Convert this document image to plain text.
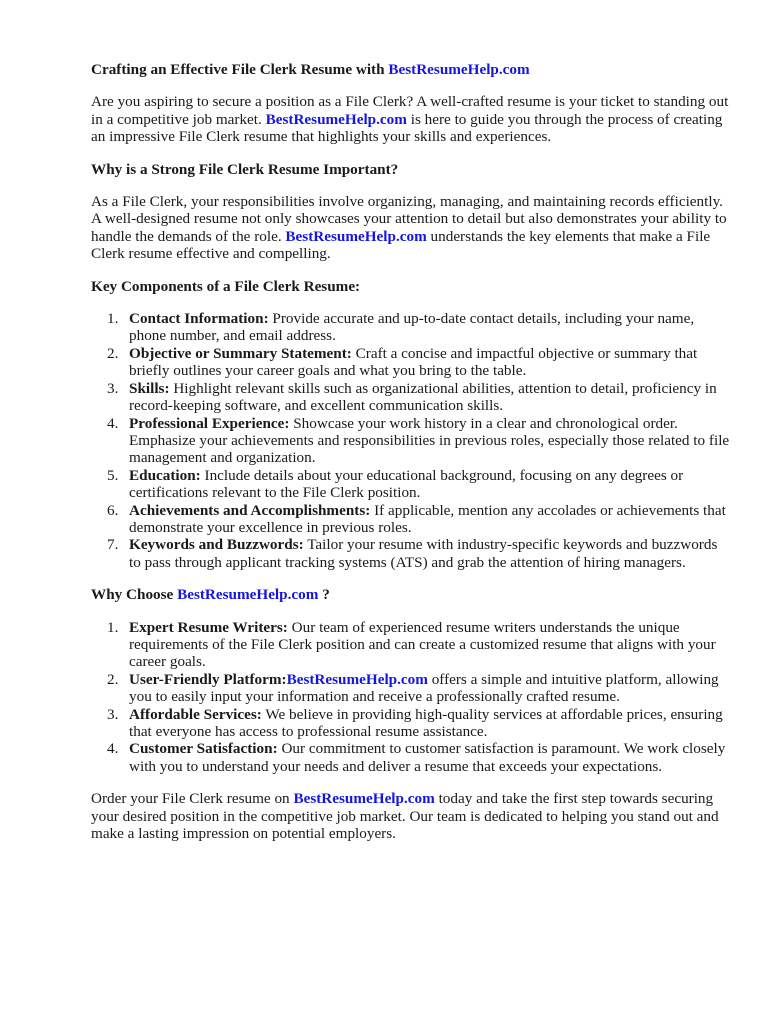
Crafting an Effective File Clerk Resume with BestResumeHelp.com

Are you aspiring to secure a position as a File Clerk? A well-crafted resume is your ticket to standing out in a competitive job market. BestResumeHelp.com is here to guide you through the process of creating an impressive File Clerk resume that highlights your skills and experiences.

Why is a Strong File Clerk Resume Important?

As a File Clerk, your responsibilities involve organizing, managing, and maintaining records efficiently. A well-designed resume not only showcases your attention to detail but also demonstrates your ability to handle the demands of the role. BestResumeHelp.com understands the key elements that make a File Clerk resume effective and compelling.

Key Components of a File Clerk Resume:

1. Contact Information: Provide accurate and up-to-date contact details, including your name, phone number, and email address.
2. Objective or Summary Statement: Craft a concise and impactful objective or summary that briefly outlines your career goals and what you bring to the table.
3. Skills: Highlight relevant skills such as organizational abilities, attention to detail, proficiency in record-keeping software, and excellent communication skills.
4. Professional Experience: Showcase your work history in a clear and chronological order. Emphasize your achievements and responsibilities in previous roles, especially those related to file management and organization.
5. Education: Include details about your educational background, focusing on any degrees or certifications relevant to the File Clerk position.
6. Achievements and Accomplishments: If applicable, mention any accolades or achievements that demonstrate your excellence in previous roles.
7. Keywords and Buzzwords: Tailor your resume with industry-specific keywords and buzzwords to pass through applicant tracking systems (ATS) and grab the attention of hiring managers.

Why Choose BestResumeHelp.com ?

1. Expert Resume Writers: Our team of experienced resume writers understands the unique requirements of the File Clerk position and can create a customized resume that aligns with your career goals.
2. User-Friendly Platform:BestResumeHelp.com offers a simple and intuitive platform, allowing you to easily input your information and receive a professionally crafted resume.
3. Affordable Services: We believe in providing high-quality services at affordable prices, ensuring that everyone has access to professional resume assistance.
4. Customer Satisfaction: Our commitment to customer satisfaction is paramount. We work closely with you to understand your needs and deliver a resume that exceeds your expectations.

Order your File Clerk resume on BestResumeHelp.com today and take the first step towards securing your desired position in the competitive job market. Our team is dedicated to helping you stand out and make a lasting impression on potential employers.
